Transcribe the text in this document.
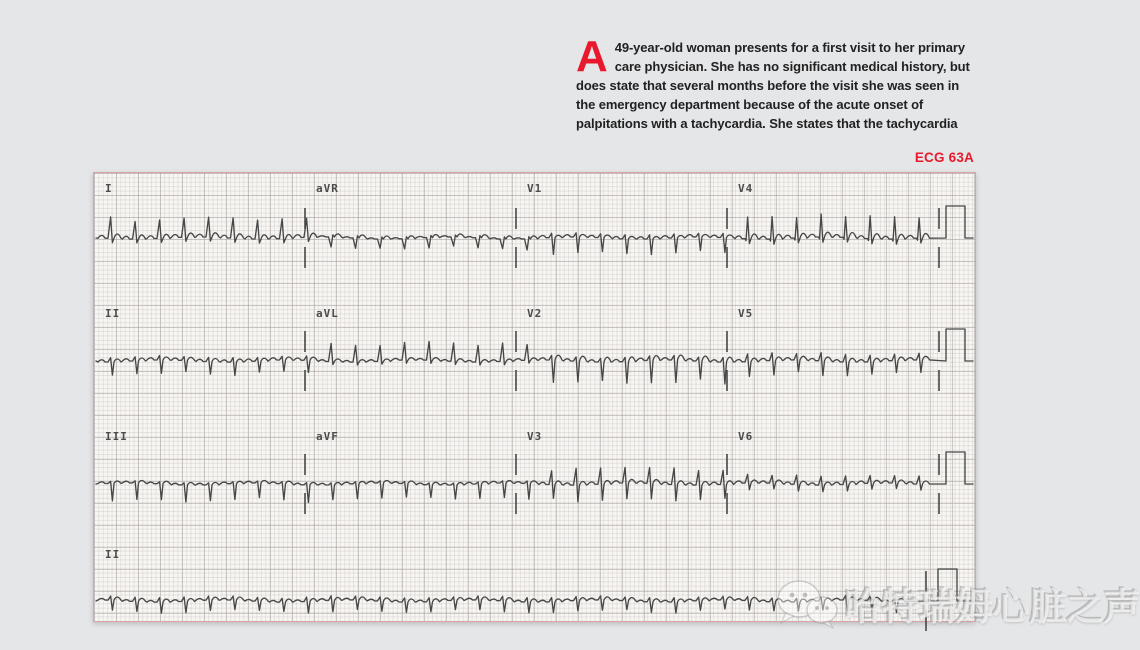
A 49-year-old woman presents for a first visit to her primary care physician. She has no significant medical history, but does state that several months before the visit she was seen in the emergency department because of the acute onset of palpitations with a tachycardia. She states that the tachycardia
ECG 63A
I	aVR	V1	V4
II	aVL	V2	V5
III	aVF	V3	V6
II
哈特瑞姆心脏之声
